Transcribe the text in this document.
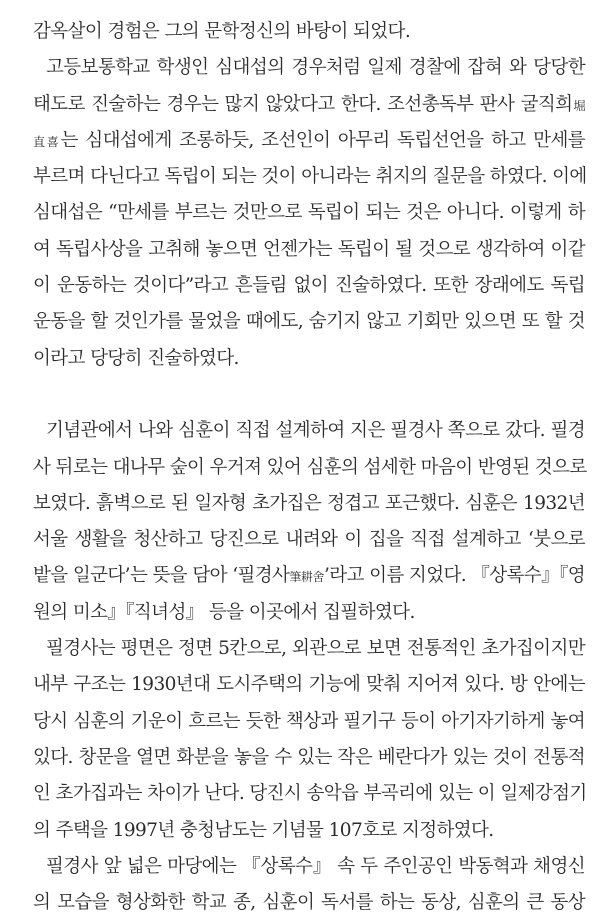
감옥살이 경험은 그의 문학정신의 바탕이 되었다.
고등보통학교 학생인 심대섭의 경우처럼 일제 경찰에 잡혀 와 당당한
태도로 진술하는 경우는 많지 않았다고 한다. 조선총독부 판사 굴직희堀
直喜는 심대섭에게 조롱하듯, 조선인이 아무리 독립선언을 하고 만세를
부르며 다닌다고 독립이 되는 것이 아니라는 취지의 질문을 하였다. 이에
심대섭은 “만세를 부르는 것만으로 독립이 되는 것은 아니다. 이렇게 하
여 독립사상을 고취해 놓으면 언젠가는 독립이 될 것으로 생각하여 이같
이 운동하는 것이다”라고 흔들림 없이 진술하였다. 또한 장래에도 독립
운동을 할 것인가를 물었을 때에도, 숨기지 않고 기회만 있으면 또 할 것
이라고 당당히 진술하였다.
기념관에서 나와 심훈이 직접 설계하여 지은 필경사 쪽으로 갔다. 필경
사 뒤로는 대나무 숲이 우거져 있어 심훈의 섬세한 마음이 반영된 것으로
보였다. 흙벽으로 된 일자형 초가집은 정겹고 포근했다. 심훈은 1932년
서울 생활을 청산하고 당진으로 내려와 이 집을 직접 설계하고 ‘붓으로
밭을 일군다’는 뜻을 담아 ‘필경사筆耕舍’라고 이름 지었다. 『상록수』『영
원의 미소』『직녀성』 등을 이곳에서 집필하였다.
필경사는 평면은 정면 5칸으로, 외관으로 보면 전통적인 초가집이지만
내부 구조는 1930년대 도시주택의 기능에 맞춰 지어져 있다. 방 안에는
당시 심훈의 기운이 흐르는 듯한 책상과 필기구 등이 아기자기하게 놓여
있다. 창문을 열면 화분을 놓을 수 있는 작은 베란다가 있는 것이 전통적
인 초가집과는 차이가 난다. 당진시 송악읍 부곡리에 있는 이 일제강점기
의 주택을 1997년 충청남도는 기념물 107호로 지정하였다.
필경사 앞 넓은 마당에는 『상록수』 속 두 주인공인 박동혁과 채영신
의 모습을 형상화한 학교 종, 심훈이 독서를 하는 동상, 심훈의 큰 동상
